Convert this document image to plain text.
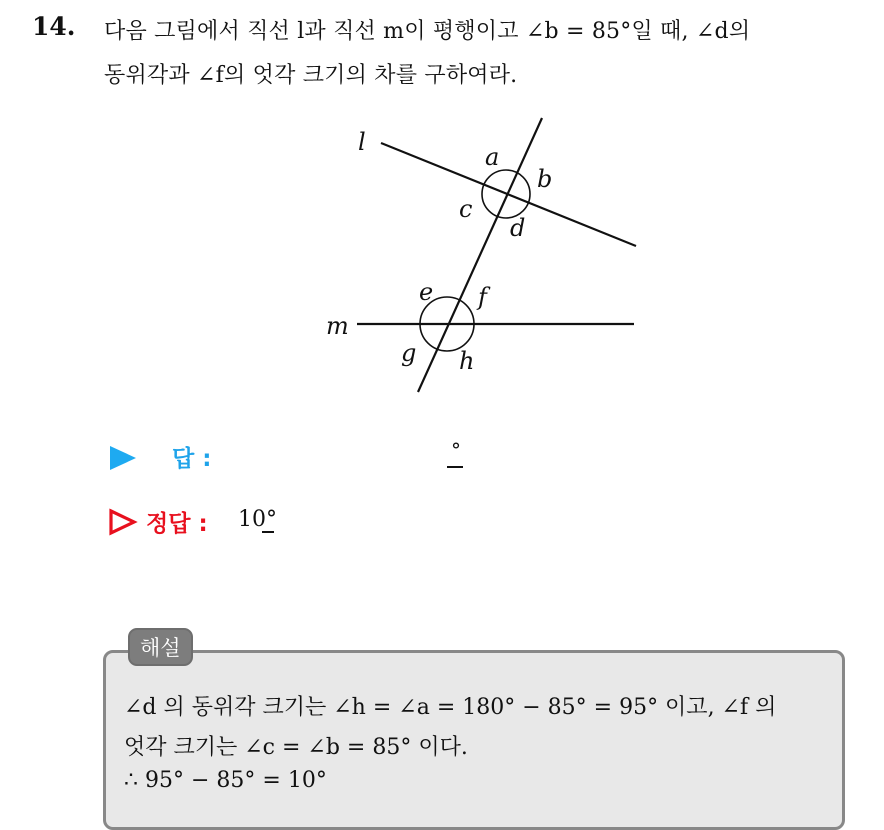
14. 다음 그림에서 직선 l과 직선 m이 평행이고 ∠b = 85°일 때, ∠d의
동위각과 ∠f의 엇각 크기의 차를 구하여라.
l
m
a
b
c
d
e f
g h
답 :	°
정답 : 10°
해설
∠d 의 동위각 크기는 ∠h = ∠a = 180° − 85° = 95° 이고, ∠f 의
엇각 크기는 ∠c = ∠b = 85° 이다.
∴ 95° − 85° = 10°
